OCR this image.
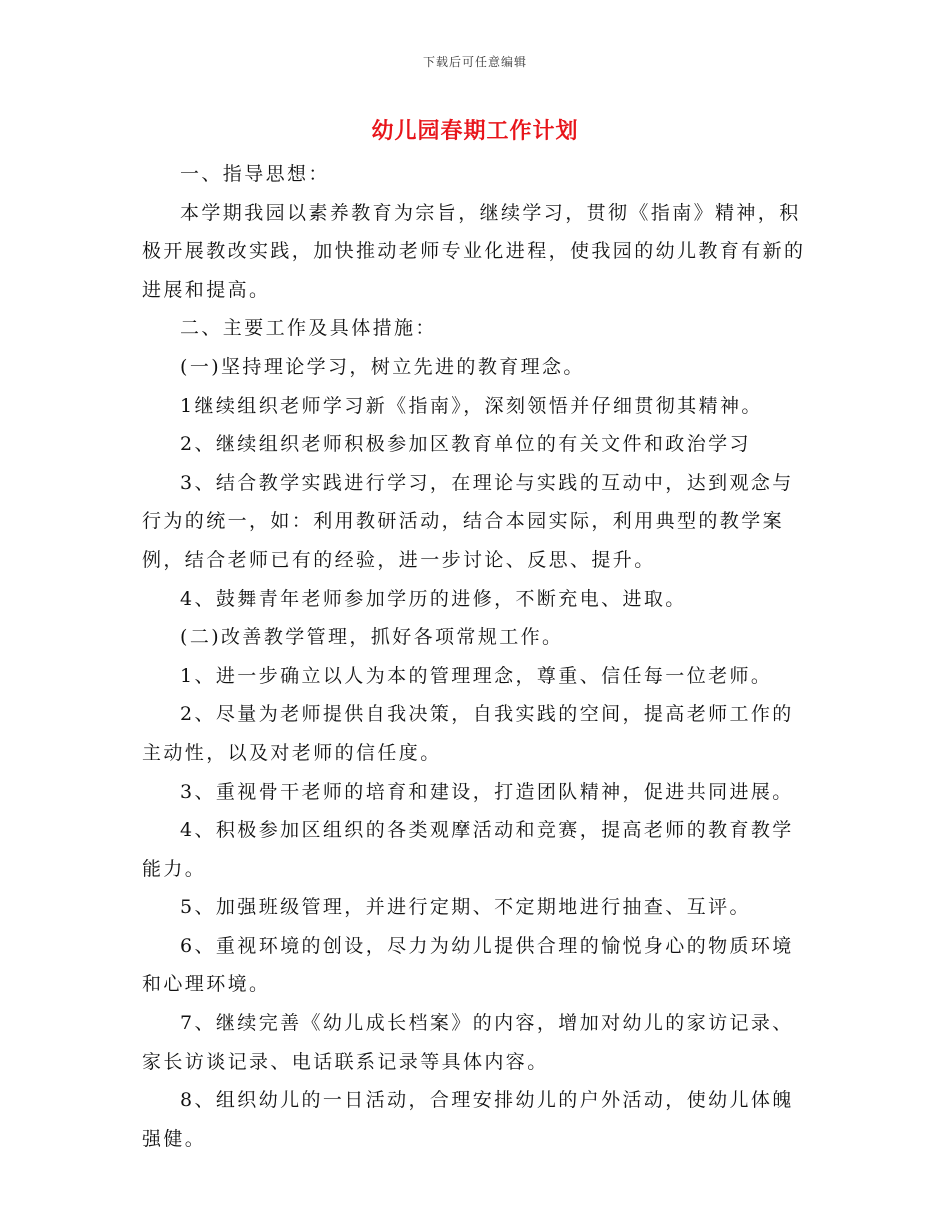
下载后可任意编辑
幼儿园春期工作计划

一、指导思想：

本学期我园以素养教育为宗旨，继续学习，贯彻《指南》精神，积极开展教改实践，加快推动老师专业化进程，使我园的幼儿教育有新的进展和提高。

二、主要工作及具体措施：

(一)坚持理论学习，树立先进的教育理念。

1继续组织老师学习新《指南》，深刻领悟并仔细贯彻其精神。

2、继续组织老师积极参加区教育单位的有关文件和政治学习

3、结合教学实践进行学习，在理论与实践的互动中，达到观念与行为的统一，如：利用教研活动，结合本园实际，利用典型的教学案例，结合老师已有的经验，进一步讨论、反思、提升。

4、鼓舞青年老师参加学历的进修，不断充电、进取。

(二)改善教学管理，抓好各项常规工作。

1、进一步确立以人为本的管理理念，尊重、信任每一位老师。

2、尽量为老师提供自我决策，自我实践的空间，提高老师工作的主动性，以及对老师的信任度。

3、重视骨干老师的培育和建设，打造团队精神，促进共同进展。

4、积极参加区组织的各类观摩活动和竞赛，提高老师的教育教学能力。

5、加强班级管理，并进行定期、不定期地进行抽查、互评。

6、重视环境的创设，尽力为幼儿提供合理的愉悦身心的物质环境和心理环境。

7、继续完善《幼儿成长档案》的内容，增加对幼儿的家访记录、家长访谈记录、电话联系记录等具体内容。

8、组织幼儿的一日活动，合理安排幼儿的户外活动，使幼儿体魄强健。
